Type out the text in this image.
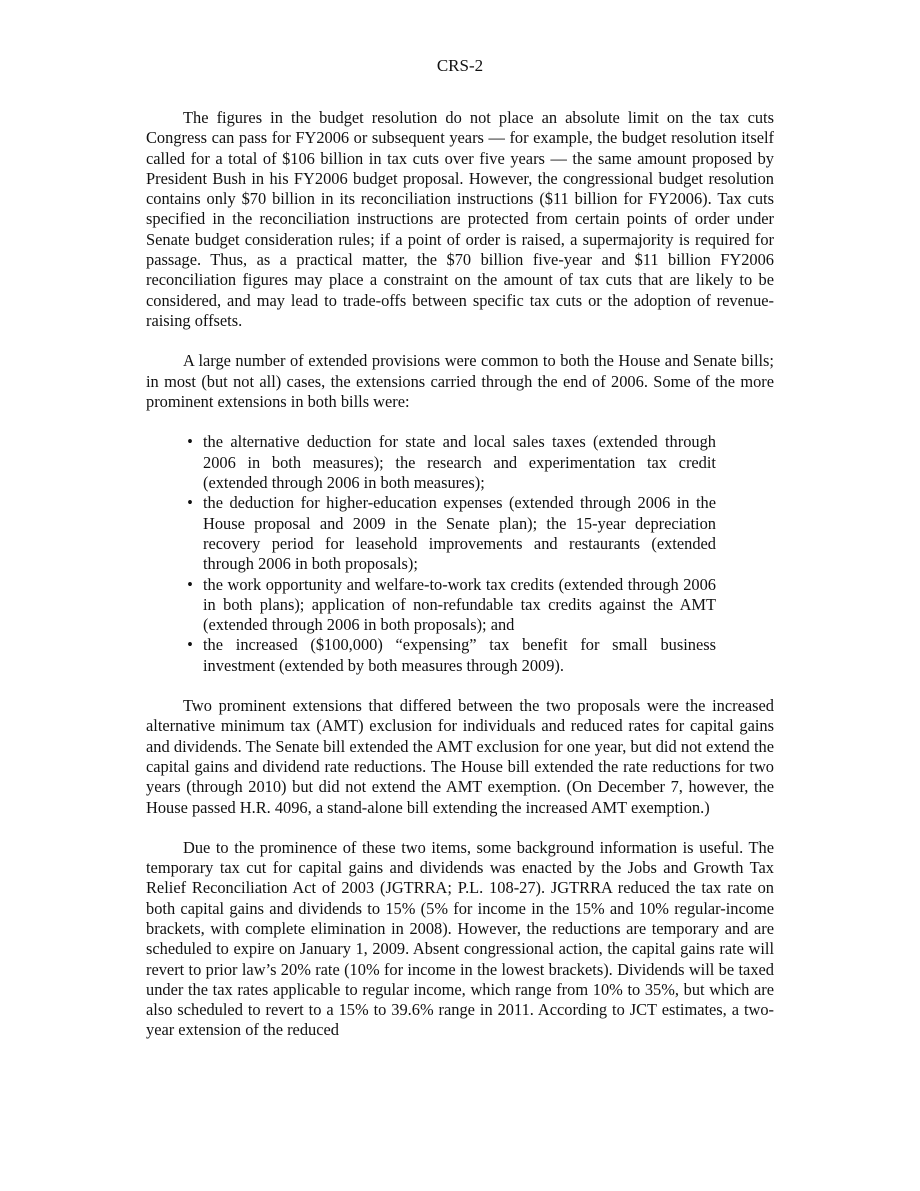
CRS-2

The figures in the budget resolution do not place an absolute limit on the tax cuts Congress can pass for FY2006 or subsequent years — for example, the budget resolution itself called for a total of $106 billion in tax cuts over five years — the same amount proposed by President Bush in his FY2006 budget proposal. However, the congressional budget resolution contains only $70 billion in its reconciliation instructions ($11 billion for FY2006). Tax cuts specified in the reconciliation instructions are protected from certain points of order under Senate budget consideration rules; if a point of order is raised, a supermajority is required for passage. Thus, as a practical matter, the $70 billion five-year and $11 billion FY2006 reconciliation figures may place a constraint on the amount of tax cuts that are likely to be considered, and may lead to trade-offs between specific tax cuts or the adoption of revenue-raising offsets.

A large number of extended provisions were common to both the House and Senate bills; in most (but not all) cases, the extensions carried through the end of 2006. Some of the more prominent extensions in both bills were:

• the alternative deduction for state and local sales taxes (extended through 2006 in both measures); the research and experimentation tax credit (extended through 2006 in both measures);
• the deduction for higher-education expenses (extended through 2006 in the House proposal and 2009 in the Senate plan); the 15-year depreciation recovery period for leasehold improvements and restaurants (extended through 2006 in both proposals);
• the work opportunity and welfare-to-work tax credits (extended through 2006 in both plans); application of non-refundable tax credits against the AMT (extended through 2006 in both proposals); and
• the increased ($100,000) “expensing” tax benefit for small business investment (extended by both measures through 2009).

Two prominent extensions that differed between the two proposals were the increased alternative minimum tax (AMT) exclusion for individuals and reduced rates for capital gains and dividends. The Senate bill extended the AMT exclusion for one year, but did not extend the capital gains and dividend rate reductions. The House bill extended the rate reductions for two years (through 2010) but did not extend the AMT exemption. (On December 7, however, the House passed H.R. 4096, a stand-alone bill extending the increased AMT exemption.)

Due to the prominence of these two items, some background information is useful. The temporary tax cut for capital gains and dividends was enacted by the Jobs and Growth Tax Relief Reconciliation Act of 2003 (JGTRRA; P.L. 108-27). JGTRRA reduced the tax rate on both capital gains and dividends to 15% (5% for income in the 15% and 10% regular-income brackets, with complete elimination in 2008). However, the reductions are temporary and are scheduled to expire on January 1, 2009. Absent congressional action, the capital gains rate will revert to prior law’s 20% rate (10% for income in the lowest brackets). Dividends will be taxed under the tax rates applicable to regular income, which range from 10% to 35%, but which are also scheduled to revert to a 15% to 39.6% range in 2011. According to JCT estimates, a two-year extension of the reduced
